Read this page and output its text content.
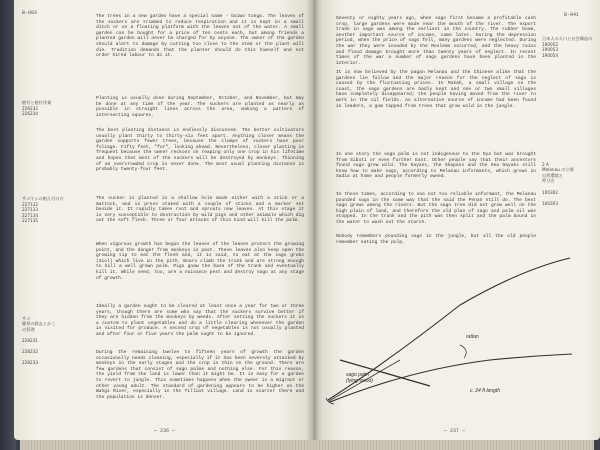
B-003
植付と植付作業
226232
226234
サゴヤシの植え付け方
227132
227133
227134
227135

サゴ
雑草の除去とかこ
の管理

228231

228232

228233

The trees in a new garden have a special name - baiwo tunga. The leaves of the suckers are trimmed to reduce respiration and it is kept in a small ditch or on a floating platform with the leaves out of the water. A small garden can be bought for a price of ten cents each, but among friends a planted garden will never be charged for by anyone. The owner of the garden should alert to damage by cutting too close to the stem or the plant will die. Tradition demands that the planter should do this himself and not order hired labour to do it.

Planting is usually done during September, October, and November, but may be done at any time of the year. The suckers are planted as nearly as possible in straight lines across the area, making a pattern of intersecting squares.

The best planting distance is endlessly discussed. The better cultivators usually plant thirty to thirty-six feet apart. Anything closer means the garden supports fewer trees, because the clumps of suckers have poor foliage. Fifty feet, "for", looking ahead. Nevertheless, closer planting is frequent because the owner reckons on reaping only one crop in his lifetime and hopes that most of the suckers will be destroyed by monkeys. Thinning of an overcrowded crop is never done. The most usual planting distance is probably twenty-four feet.

The sucker is planted in a shallow hole made either with a stick or a mattock, and is press staked with a couple of sticks and a marker set beside it. It rapidly takes root and sprouts new leaves. At this stage it is very susceptible to destruction by wild pigs and other animals which dig out the soft flesh. Three or four attacks of this kind will kill the palm.

When vigorous growth has begun the leaves of the leaves protect the growing point, and the danger from monkeys is past. These leaves also keep open the growing tip to eat the flesh and, it is said, to eat at the sago grubs (Siol) which live in the pith. Boars climb the trunk and are strong enough to kill a well grown palm. Pigs gnaw the base of the trunk and eventually kill it. While seed, too, are a nuisance pest and destroy sago at any stage of growth.

Ideally a garden ought to be cleared at least once a year for two or three years, though there are some who say that the suckers survive better if they are hidden from the monkeys by weeds. After setting the suckers it is a custom to plant vegetables and do a little clearing whenever the garden is visited for produce. A second crop of vegetables is not usually planted and after four or five years the palm ought to be ignored.

During the remaining twelve to fifteen years of growth the garden occasionally needs cleaning, especially if it has been severely attacked by monkeys in the early stages and the crop is thin on the ground. There are few gardens that consist of sago palms and nothing else. For this reason, the yield from the land is lower than it might be. It is easy for a garden to revert to jungle. This sometimes happens when the owner is a migrant or other young adult. The standard of gardening appears to be higher on the Wahgi River, especially in the Tilliat village. Land is scarcer there and the population is denser.

— 236 —
B-041
日本人の人口と社会構造の
190052
190053
190054

2 A
Melanau の立場
自然環境と
呼び名

100302

100303

Seventy or eighty years ago, when sago first became a profitable cash crop, large gardens were made near the mouth of the river. The export trade in sago was among the earliest in the country. The rubber boom, another important source of income, came later. During the depression period, when the price of sago fell, many gardens were neglected. During the war they were invaded by the Moslems occurred, and the heavy rains and flood damage brought more than twenty years of neglect. In recent times of the war a number of sago gardens have been planted in the interior.

It is now believed by the pagan Melanau and the Chinese alike that the gardens lie fallow and the major reason for the neglect of sago is caused by the fluctuating prices. In Mukah, a small village on the coast, the sago gardens are badly kept and one or two small villages have completely disappeared; the people having moved from the river to work in the oil fields. An alternative source of income had been found in leaders, a gum tapped from trees that grow wild in the jungle.

In one story the sago palm is not indigenous to the Oya but was brought from Sibuti or even further East. Other people say that their ancestors found sago grew wild. The Kayans, the Skapans and the Sea Dayaks still know how to make sago, according to Melanau informants, which grows in Sadia at home and people formerly owned.

In these times, according to one not too reliable informant, the Melanau pounded sago in the same way that the said the Penan still do. The best sago grows among the rivers. But the sago tree did not grow well on the high plain of land, and therefore the old plan of sago and palm oil was stopped. In the trunk and the pith was then split and the palm bound in the water to wash out the starch.

Nobody remembers pounding sago in the jungle, but all the old people remember eating the pulp.

rattan
sago palm
(lying wood)
c. 24 ft length
— 237 —
